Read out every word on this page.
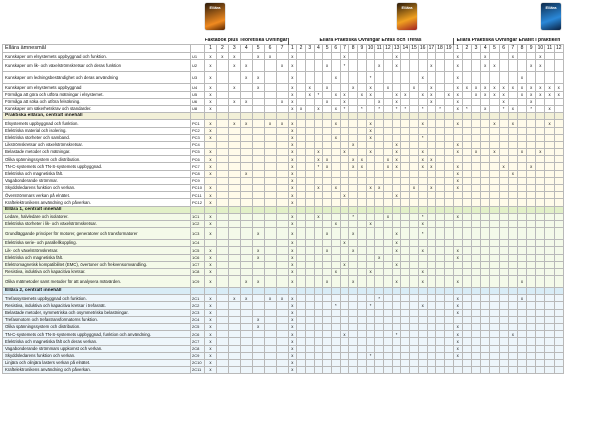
Ellära	Ellära	Ellära
		Faktabok plus Teoretiska Övningar							Ellära Praktiska Övningar Enfas och Trefas																			Ellära Praktiska Övningar Enätet i praktiken											
Ellära ämnesmål		1	2	3	4	5	6	7	1	2	3	4	5	6	7	8	9	10	11	12	13	14	15	16	17	18	19	1	2	3	4	5	6	7	8	9	10	11	12
Kunskaper om elsystemets uppbyggnad och funktion.	U1	x	x	x		x	x		x						x						x							x			x			x			x		
Kunskaper om lik- och växelströmskretsar och deras funktion	U2	x		x	x			x	x				x		*				x		x				x			x			x	x				x	x		
Kunskaper om ledningsbeständighet och deras användning	U3	x			x	x			x					x				*						x				x							x				
Kunskaper om elsystemets uppbyggnad	U4	x		x		x			x		x		x			x		x		x			x		x			x	x	x	x	x	x	x	x	x	x	x	x
Förmåga att göra och utföra mätningar i elsystemet.	U5	x							x		x	*		x	x		x	x			x	x		x	x		x	x		x	x	x	x		x	x	x	x	x
Förmåga att söka och utföra felsökning.	U6	x		x	x			x	x				x		x				x		x				x			x					x			x			
Kunskaper om säkerhetskrav och standarder.	U8	x							x	x		x		x	*		*		*		*	*		*		*		x	*		x		*	x		*		x	
Praktiska elläran, centralt innehåll																																							
Elsystemets uppbyggnad och funktion.	PC1	x		x	x		x	x	x					x				x						x				x				x		x				x	
Elektriska material och isolering.	PC2	x							x									x																					
Elektriska storheter och samband.	PC3	x							x					x				x						*															
Likströmskretsar och växelströmskretsar.	PC4								x							x					x							x											
Belastade metoder och mätningar.	PC5	x							x			x			x			x			x			x				x		x		x			x		x		
Olika spänningssystem och distribution.	PC6	x							x			x	x			x	x			x	x			x	x														
TN-C-systemets och TN-S-systemets uppbyggnad.	PC7	x							x			*	x			x	x			x	x			x	x			x					x			x			
Elektriska och magnetiska fält.	PC8	x			x				x																			x						x					
Vagabonderande strömmar.	PC9								x																			x											
Skyddsledarens funktion och verkan.	PC10	x							x			x		x				x	x				x		x			x											
Överströmmars verkan på elnätet.	PC11	x							x						x						x																		
Kraftelektronikens användning och påverkan.	PC12	x							x																														
Ellära 1, centralt innehåll																																							
Ledare, halvledare och isolatorer.	1C1	x							x			x				*				x				*				x											
Elektriska storheter i lik- och växelströmskretsar.	1C2	x							x					x				x						x															
Grundläggande principer för motorer, generatorer och transformatorer	1C3	x				x			x				x			x					x			*															
Elektriska serie- och parallellkoppling.	1C4								x						x						x																		
Lik- och växelströmskretsar.	1C5	x				x			x				x			x					x			x				x											
Elektriska och magnetiska fält.	1C6	x				x			x										x									x											
Elektromagnetisk kompatibilitet (EMC), övertoner och frekvensomvandling.	1C7	x							x						x						x																		
Resistiva, induktiva och kapacitiva kretsar.	1C8	x							x					x				x						x															
Olika mätmetoder samt metoder för att analysera mätvärden.	1C9	x			x	x			x				x			x					x			x				x							x				
Ellära 2, centralt innehåll																																							
Trefassystemets uppbyggnad och funktion.	2C1	x		x	x		x	x	x										*									x							x				
Resistiva, induktiva och kapacitiva kretsar i trefasnät.	2C2	x							x					*				*						x				x											
Belastade metoder, symmetriska och osymmetriska belastningar.	2C3	x							x																			x											
Trefasmotorn och trefastransformatorns funktion.	2C4	x				x			x																														
Olika spänningssystem och distribution.	2C5	x				x			x																			x											
TN-C-systemets och TN-S-systemets uppbyggnad, funktion och användning.	2C6	x							x						x						*							x						x					
Elektriska och magnetiska fält och deras verkan.	2C7	x							x																			x											
Vagabonderande strömmars uppkomst och verkan.	2C8	x							x																			x											
Skyddsledarens funktion och verkan.	2C9	x							x									*										x											
Linjära och olinjära lasters verkan på elnätet.	2C10	x							x																														
Kraftelektronikens användning och påverkan.	2C11	x							x																														
